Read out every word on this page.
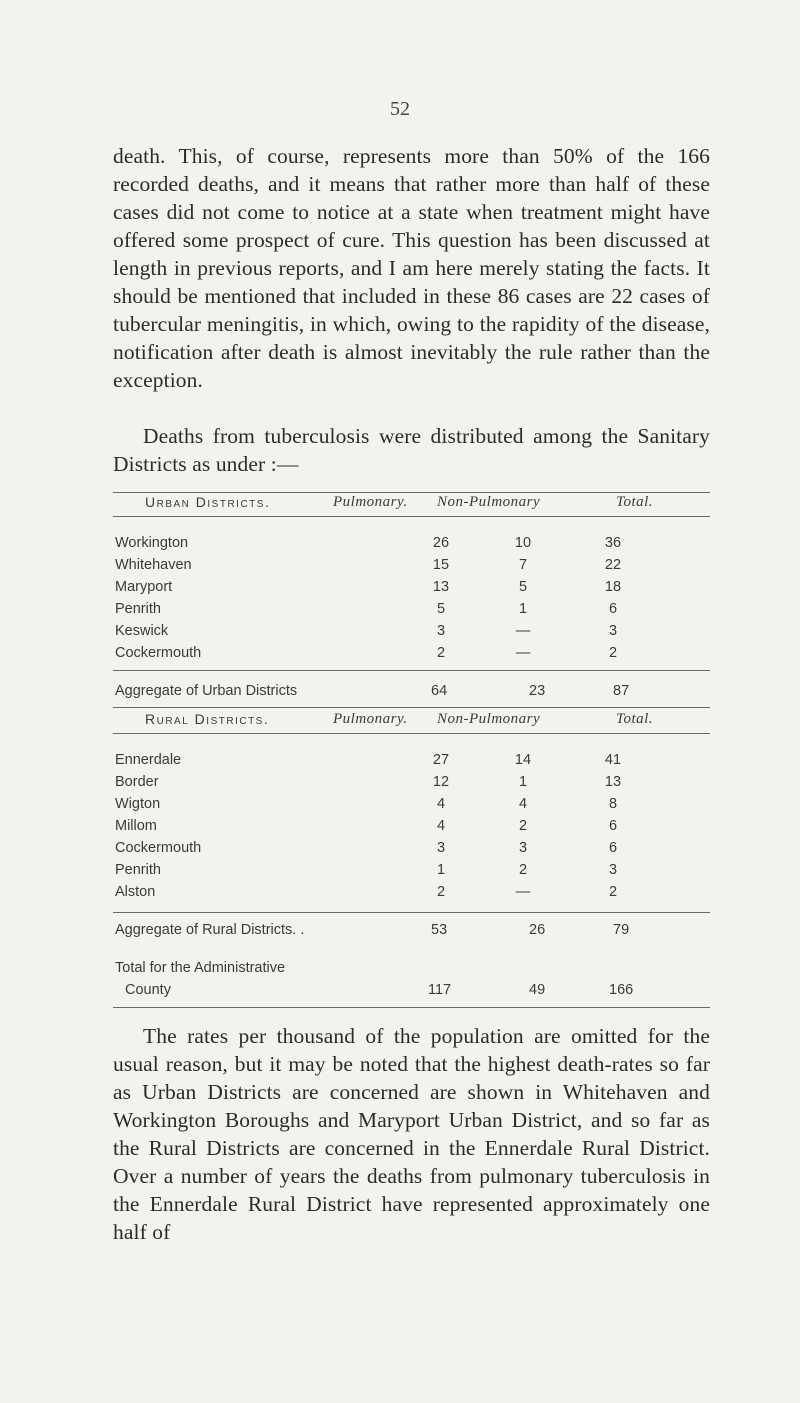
52

death. This, of course, represents more than 50% of the 166 recorded deaths, and it means that rather more than half of these cases did not come to notice at a state when treatment might have offered some prospect of cure. This question has been discussed at length in previous reports, and I am here merely stating the facts. It should be mentioned that included in these 86 cases are 22 cases of tubercular meningitis, in which, owing to the rapidity of the disease, notification after death is almost inevitably the rule rather than the exception.

Deaths from tuberculosis were distributed among the Sanitary Districts as under :—

Urban Districts.	Pulmonary. Non-Pulmonary	Total.
Workington	26	10	36
Whitehaven	15	7	22
Maryport	13	5	18
Penrith	5	1	6
Keswick	3	—	3
Cockermouth	2	—	2
Aggregate of Urban Districts	64	23	87
Rural Districts.	Pulmonary. Non-Pulmonary	Total.
Ennerdale	27	14	41
Border	12	1	13
Wigton	4	4	8
Millom	4	2	6
Cockermouth	3	3	6
Penrith	1	2	3
Alston	2	—	2
Aggregate of Rural Districts. .	53	26	79
Total for the Administrative
County	117	49	166

The rates per thousand of the population are omitted for the usual reason, but it may be noted that the highest death-rates so far as Urban Districts are concerned are shown in Whitehaven and Workington Boroughs and Maryport Urban District, and so far as the Rural Districts are concerned in the Ennerdale Rural District. Over a number of years the deaths from pulmonary tuberculosis in the Ennerdale Rural District have represented approximately one half of
